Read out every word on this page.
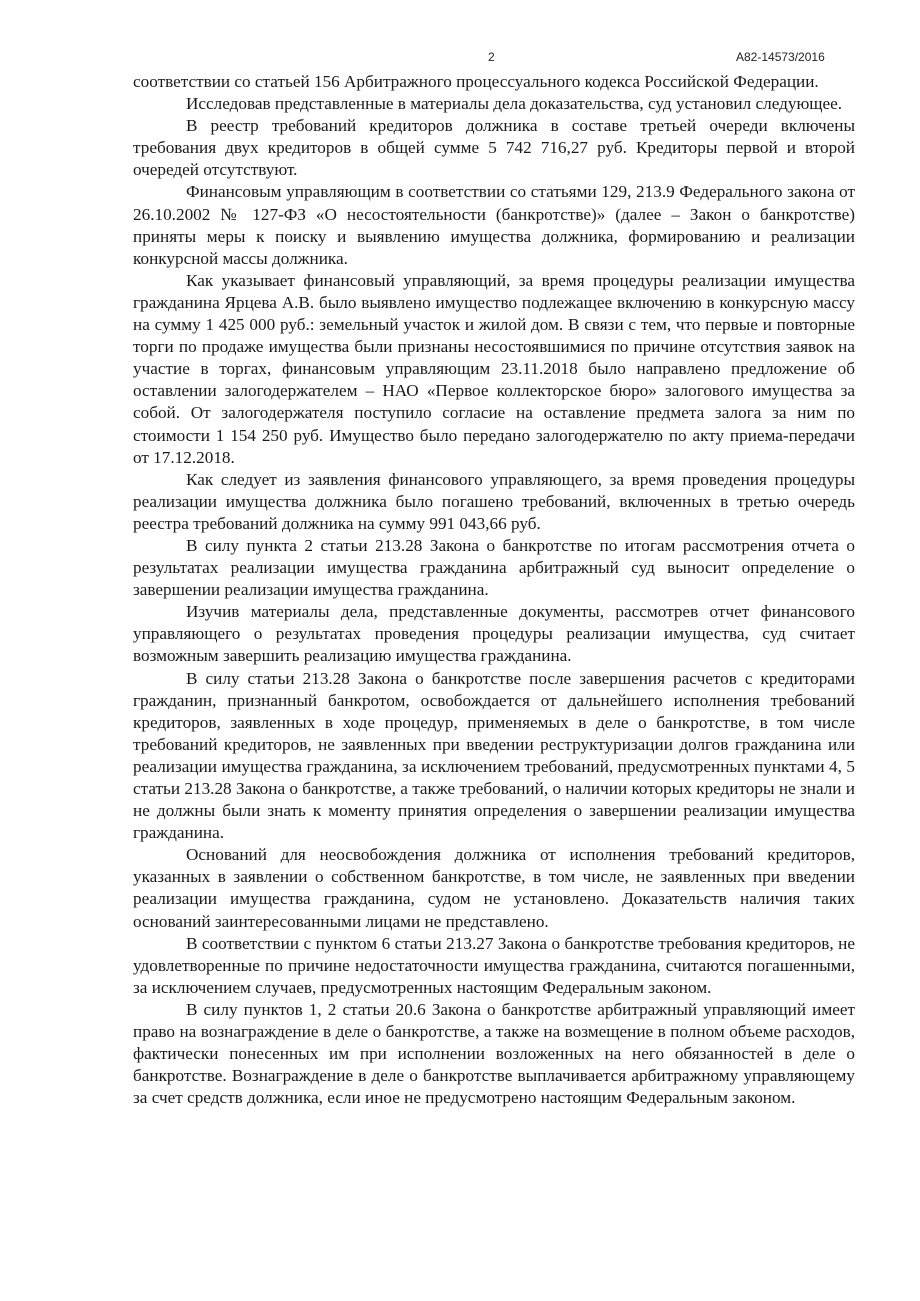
2	А82-14573/2016

соответствии со статьей 156 Арбитражного процессуального кодекса Российской Федерации.

Исследовав представленные в материалы дела доказательства, суд установил следующее.

В реестр требований кредиторов должника в составе третьей очереди включены требования двух кредиторов в общей сумме 5 742 716,27 руб. Кредиторы первой и второй очередей отсутствуют.

Финансовым управляющим в соответствии со статьями 129, 213.9 Федерального закона от 26.10.2002 № 127-ФЗ «О несостоятельности (банкротстве)» (далее – Закон о банкротстве) приняты меры к поиску и выявлению имущества должника, формированию и реализации конкурсной массы должника.

Как указывает финансовый управляющий, за время процедуры реализации имущества гражданина Ярцева А.В. было выявлено имущество подлежащее включению в конкурсную массу на сумму 1 425 000 руб.: земельный участок и жилой дом. В связи с тем, что первые и повторные торги по продаже имущества были признаны несостоявшимися по причине отсутствия заявок на участие в торгах, финансовым управляющим 23.11.2018 было направлено предложение об оставлении залогодержателем – НАО «Первое коллекторское бюро» залогового имущества за собой. От залогодержателя поступило согласие на оставление предмета залога за ним по стоимости 1 154 250 руб. Имущество было передано залогодержателю по акту приема-передачи от 17.12.2018.

Как следует из заявления финансового управляющего, за время проведения процедуры реализации имущества должника было погашено требований, включенных в третью очередь реестра требований должника на сумму 991 043,66 руб.

В силу пункта 2 статьи 213.28 Закона о банкротстве по итогам рассмотрения отчета о результатах реализации имущества гражданина арбитражный суд выносит определение о завершении реализации имущества гражданина.

Изучив материалы дела, представленные документы, рассмотрев отчет финансового управляющего о результатах проведения процедуры реализации имущества, суд считает возможным завершить реализацию имущества гражданина.

В силу статьи 213.28 Закона о банкротстве после завершения расчетов с кредиторами гражданин, признанный банкротом, освобождается от дальнейшего исполнения требований кредиторов, заявленных в ходе процедур, применяемых в деле о банкротстве, в том числе требований кредиторов, не заявленных при введении реструктуризации долгов гражданина или реализации имущества гражданина, за исключением требований, предусмотренных пунктами 4, 5 статьи 213.28 Закона о банкротстве, а также требований, о наличии которых кредиторы не знали и не должны были знать к моменту принятия определения о завершении реализации имущества гражданина.

Оснований для неосвобождения должника от исполнения требований кредиторов, указанных в заявлении о собственном банкротстве, в том числе, не заявленных при введении реализации имущества гражданина, судом не установлено. Доказательств наличия таких оснований заинтересованными лицами не представлено.

В соответствии с пунктом 6 статьи 213.27 Закона о банкротстве требования кредиторов, не удовлетворенные по причине недостаточности имущества гражданина, считаются погашенными, за исключением случаев, предусмотренных настоящим Федеральным законом.

В силу пунктов 1, 2 статьи 20.6 Закона о банкротстве арбитражный управляющий имеет право на вознаграждение в деле о банкротстве, а также на возмещение в полном объеме расходов, фактически понесенных им при исполнении возложенных на него обязанностей в деле о банкротстве. Вознаграждение в деле о банкротстве выплачивается арбитражному управляющему за счет средств должника, если иное не предусмотрено настоящим Федеральным законом.
